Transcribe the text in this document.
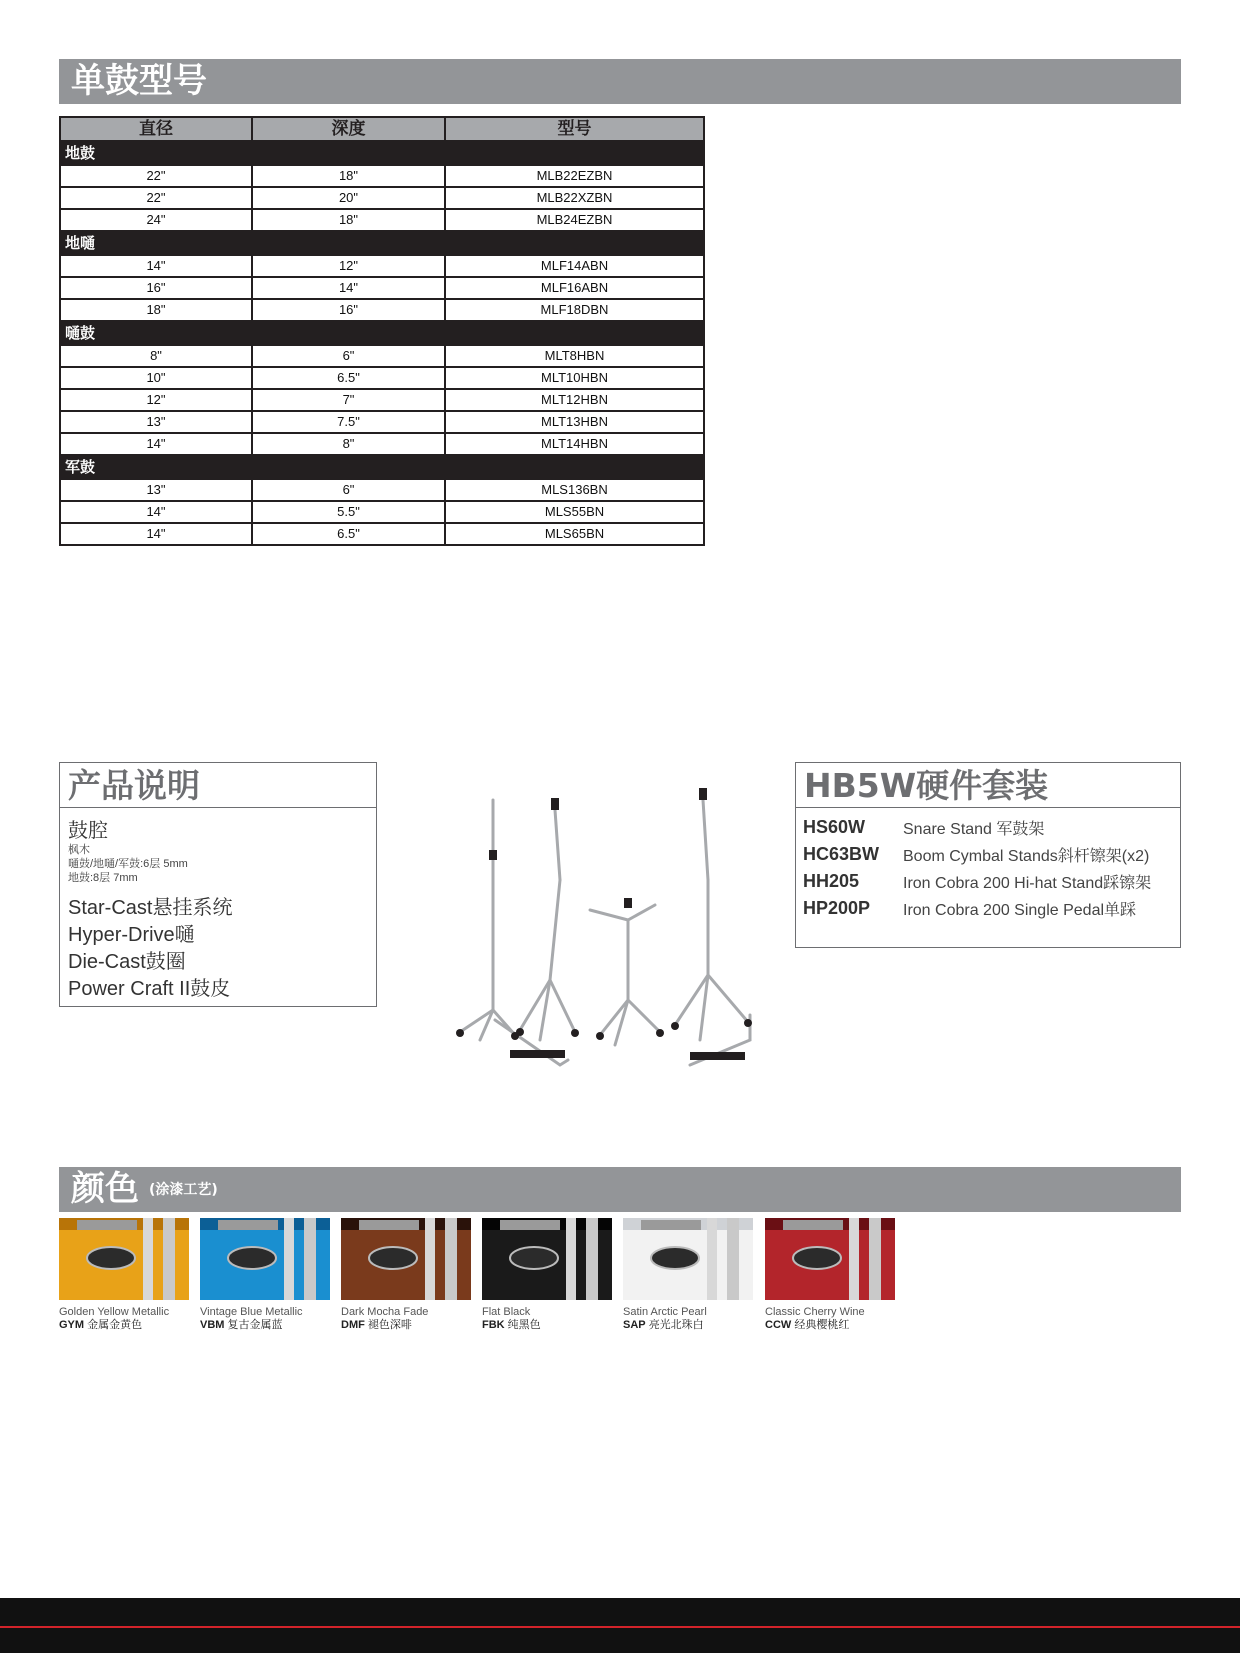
单鼓型号
直径	深度	型号
地鼓		
22"	18"	MLB22EZBN
22"	20"	MLB22XZBN
24"	18"	MLB24EZBN
地嗵		
14"	12"	MLF14ABN
16"	14"	MLF16ABN
18"	16"	MLF18DBN
嗵鼓		
8"	6"	MLT8HBN
10"	6.5"	MLT10HBN
12"	7"	MLT12HBN
13"	7.5"	MLT13HBN
14"	8"	MLT14HBN
军鼓		
13"	6"	MLS136BN
14"	5.5"	MLS55BN
14"	6.5"	MLS65BN
产品说明
鼓腔
枫木
嗵鼓/地嗵/军鼓:6层 5mm
地鼓:8层 7mm
Star-Cast悬挂系统
Hyper-Drive嗵
Die-Cast鼓圈
Power Craft II鼓皮
HB5W硬件套装
HS60W	Snare Stand 军鼓架
HC63BW	Boom Cymbal Stands斜杆镲架(x2)
HH205	Iron Cobra 200 Hi-hat Stand踩镲架
HP200P	Iron Cobra 200 Single Pedal单踩
颜色 (涂漆工艺)
Golden Yellow Metallic
GYM 金属金黄色
Vintage Blue Metallic
VBM 复古金属蓝
Dark Mocha Fade
DMF 褪色深啡
Flat Black
FBK 纯黑色
Satin Arctic Pearl
SAP 亮光北珠白
Classic Cherry Wine
CCW 经典樱桃红
